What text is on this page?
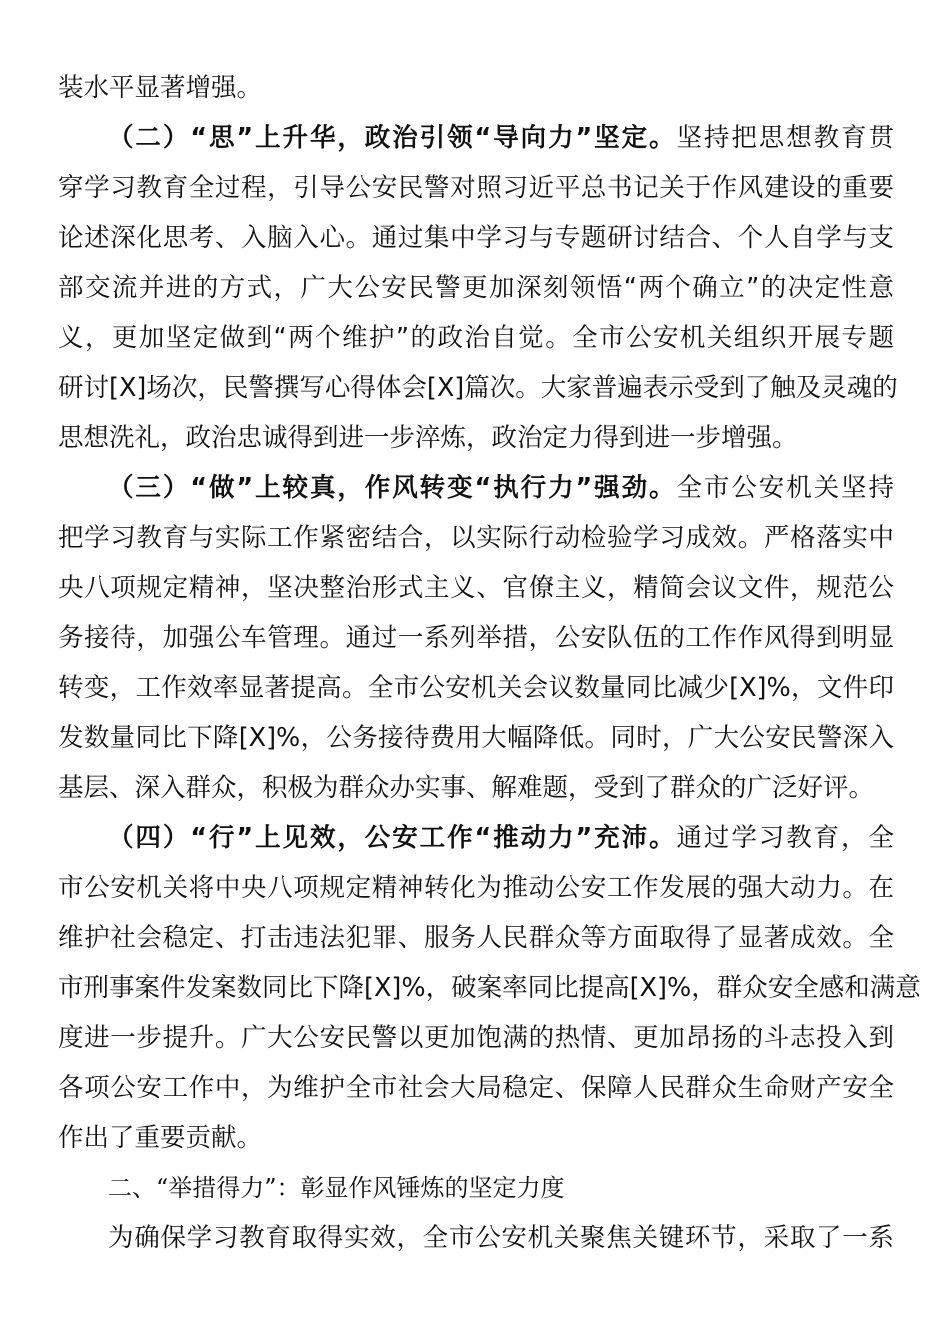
装水平显著增强。
（二）“思”上升华，政治引领“导向力”坚定。坚持把思想教育贯
穿学习教育全过程，引导公安民警对照习近平总书记关于作风建设的重要
论述深化思考、入脑入心。通过集中学习与专题研讨结合、个人自学与支
部交流并进的方式，广大公安民警更加深刻领悟“两个确立”的决定性意
义，更加坚定做到“两个维护”的政治自觉。全市公安机关组织开展专题
研讨[X]场次，民警撰写心得体会[X]篇次。大家普遍表示受到了触及灵魂的
思想洗礼，政治忠诚得到进一步淬炼，政治定力得到进一步增强。
（三）“做”上较真，作风转变“执行力”强劲。全市公安机关坚持
把学习教育与实际工作紧密结合，以实际行动检验学习成效。严格落实中
央八项规定精神，坚决整治形式主义、官僚主义，精简会议文件，规范公
务接待，加强公车管理。通过一系列举措，公安队伍的工作作风得到明显
转变，工作效率显著提高。全市公安机关会议数量同比减少[X]%，文件印
发数量同比下降[X]%，公务接待费用大幅降低。同时，广大公安民警深入
基层、深入群众，积极为群众办实事、解难题，受到了群众的广泛好评。
（四）“行”上见效，公安工作“推动力”充沛。通过学习教育，全
市公安机关将中央八项规定精神转化为推动公安工作发展的强大动力。在
维护社会稳定、打击违法犯罪、服务人民群众等方面取得了显著成效。全
市刑事案件发案数同比下降[X]%，破案率同比提高[X]%，群众安全感和满意
度进一步提升。广大公安民警以更加饱满的热情、更加昂扬的斗志投入到
各项公安工作中，为维护全市社会大局稳定、保障人民群众生命财产安全
作出了重要贡献。
二、“举措得力”：彰显作风锤炼的坚定力度
为确保学习教育取得实效，全市公安机关聚焦关键环节，采取了一系
